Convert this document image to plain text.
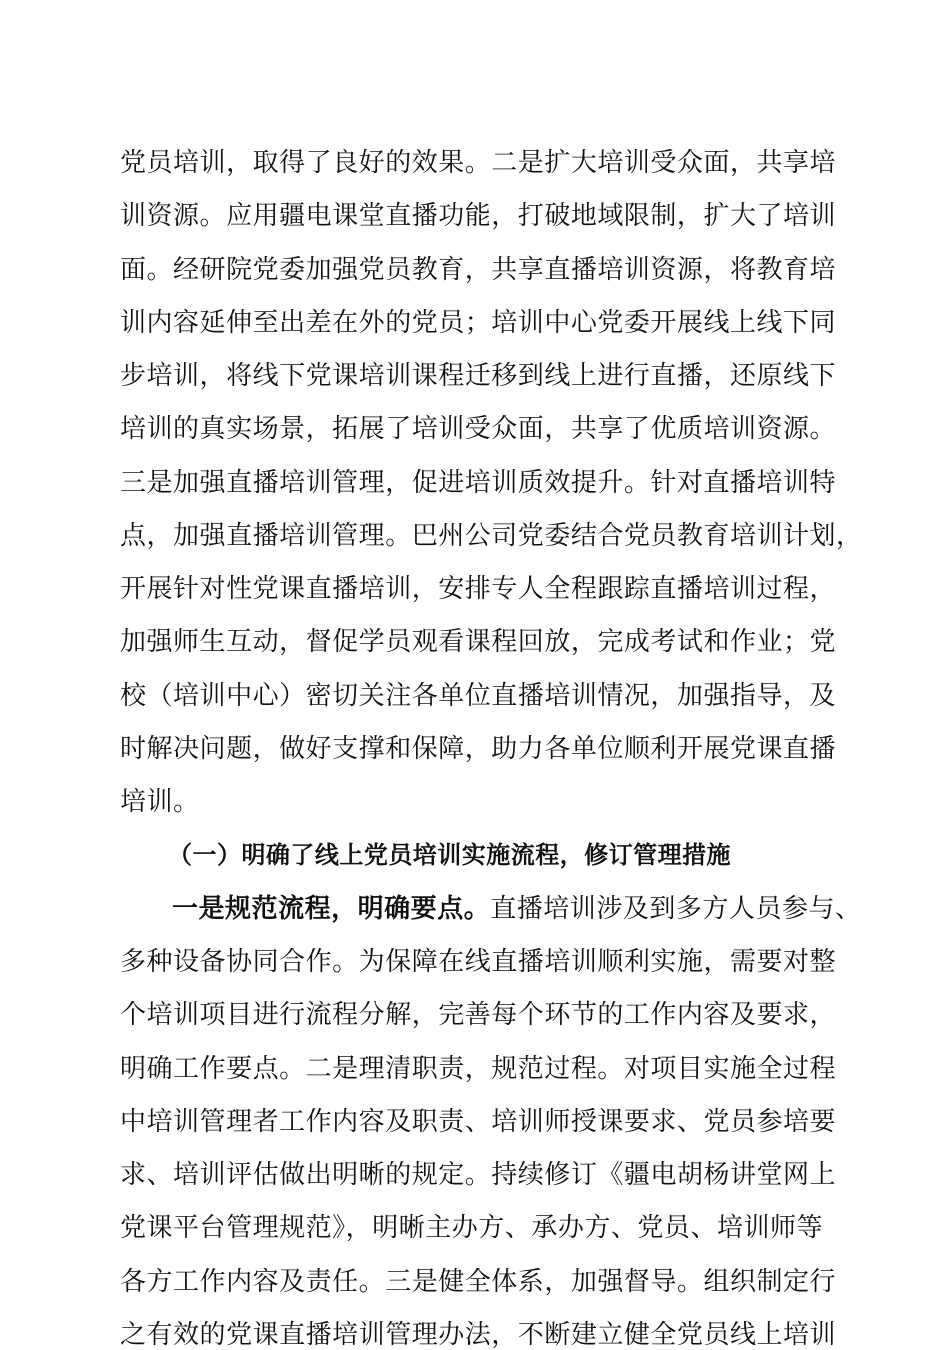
党员培训，取得了良好的效果。二是扩大培训受众面，共享培
训资源。应用疆电课堂直播功能，打破地域限制，扩大了培训
面。经研院党委加强党员教育，共享直播培训资源，将教育培
训内容延伸至出差在外的党员；培训中心党委开展线上线下同
步培训，将线下党课培训课程迁移到线上进行直播，还原线下
培训的真实场景，拓展了培训受众面，共享了优质培训资源。
三是加强直播培训管理，促进培训质效提升。针对直播培训特
点，加强直播培训管理。巴州公司党委结合党员教育培训计划，
开展针对性党课直播培训，安排专人全程跟踪直播培训过程，
加强师生互动，督促学员观看课程回放，完成考试和作业；党
校（培训中心）密切关注各单位直播培训情况，加强指导，及
时解决问题，做好支撑和保障，助力各单位顺利开展党课直播
培训。
（一）明确了线上党员培训实施流程，修订管理措施
一是规范流程，明确要点。直播培训涉及到多方人员参与、
多种设备协同合作。为保障在线直播培训顺利实施，需要对整
个培训项目进行流程分解，完善每个环节的工作内容及要求，
明确工作要点。二是理清职责，规范过程。对项目实施全过程
中培训管理者工作内容及职责、培训师授课要求、党员参培要
求、培训评估做出明晰的规定。持续修订《疆电胡杨讲堂网上
党课平台管理规范》，明晰主办方、承办方、党员、培训师等
各方工作内容及责任。三是健全体系，加强督导。组织制定行
之有效的党课直播培训管理办法，不断建立健全党员线上培训
